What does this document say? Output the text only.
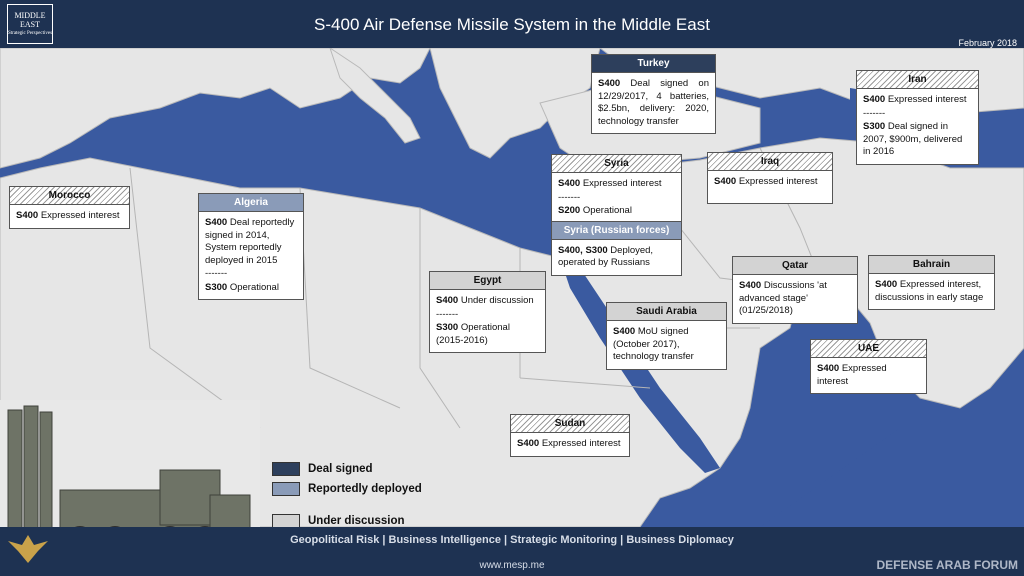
MIDDLE EAST
Strategic Perspectives	S-400 Air Defense Missile System in the Middle East
February 2018
Deal signed
Reportedly deployed
Under discussion
Morocco
S400 Expressed interest
Algeria
S400 Deal reportedly signed in 2014, System reportedly deployed in 2015
-------
S300 Operational
Egypt
S400 Under discussion
-------
S300 Operational (2015-2016)
Sudan
S400 Expressed interest
Turkey
S400 Deal signed on 12/29/2017, 4 batteries, $2.5bn, delivery: 2020, technology transfer
Syria
S400 Expressed interest
-------
S200 Operational
Syria (Russian forces)
S400, S300 Deployed, operated by Russians
Iraq
S400 Expressed interest
Iran
S400 Expressed interest
-------
S300 Deal signed in 2007, $900m, delivered in 2016
Saudi Arabia
S400 MoU signed (October 2017), technology transfer
Qatar
S400 Discussions 'at advanced stage' (01/25/2018)
Bahrain
S400 Expressed interest, discussions in early stage
UAE
S400 Expressed interest
Geopolitical Risk | Business Intelligence | Strategic Monitoring | Business Diplomacy
www.mesp.me	DEFENSE ARAB FORUM
